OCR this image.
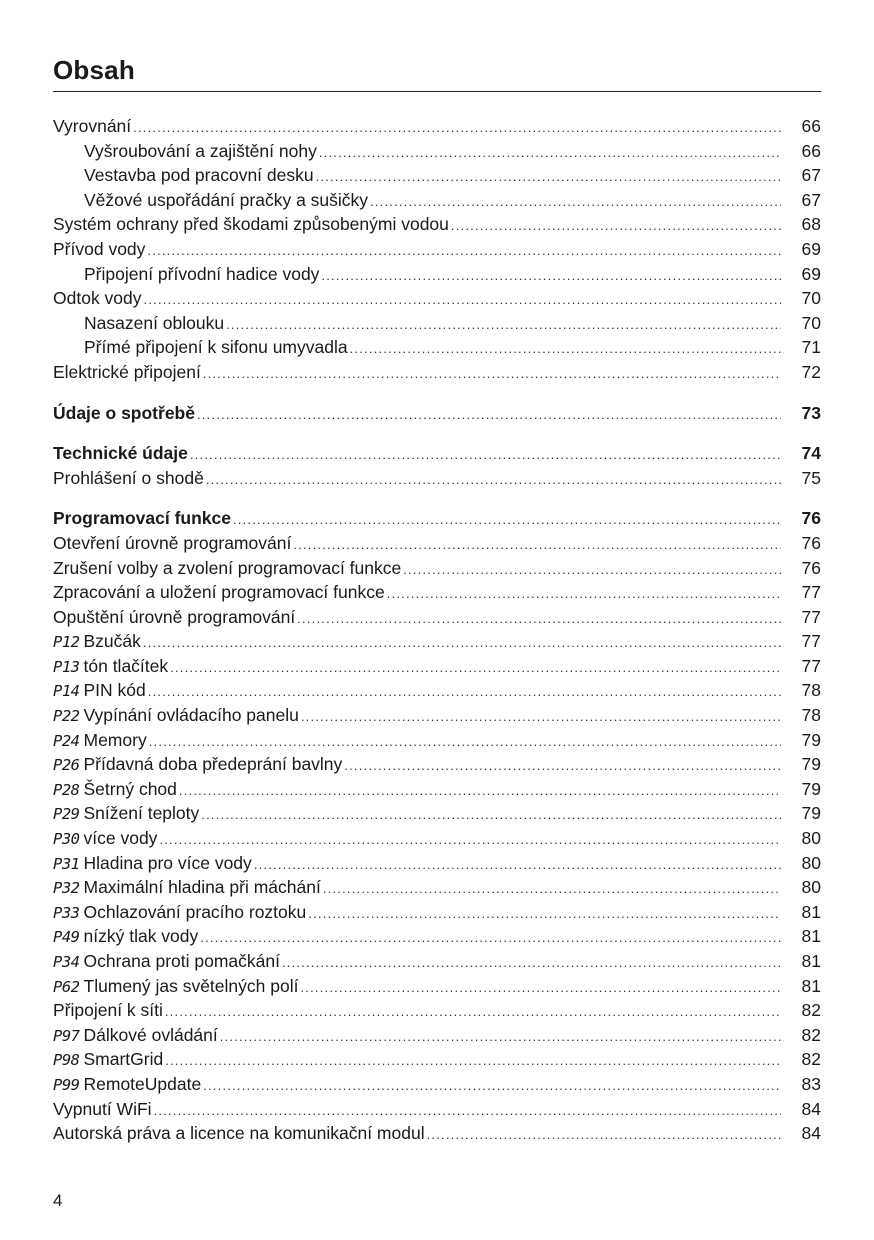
Obsah
Vyrovnání .....	66
Vyšroubování a zajištění nohy .....	66
Vestavba pod pracovní desku .....	67
Věžové uspořádání pračky a sušičky .....	67
Systém ochrany před škodami způsobenými vodou .....	68
Přívod vody .....	69
Připojení přívodní hadice vody .....	69
Odtok vody .....	70
Nasazení oblouku .....	70
Přímé připojení k sifonu umyvadla .....	71
Elektrické připojení .....	72
Údaje o spotřebě .....	73
Technické údaje .....	74
Prohlášení o shodě .....	75
Programovací funkce .....	76
Otevření úrovně programování .....	76
Zrušení volby a zvolení programovací funkce .....	76
Zpracování a uložení programovací funkce .....	77
Opuštění úrovně programování .....	77
P12 Bzučák .....	77
P13 tón tlačítek .....	77
P14 PIN kód .....	78
P22 Vypínání ovládacího panelu .....	78
P24 Memory .....	79
P26 Přídavná doba předeprání bavlny .....	79
P28 Šetrný chod .....	79
P29 Snížení teploty .....	79
P30 více vody .....	80
P31 Hladina pro více vody .....	80
P32 Maximální hladina při máchání .....	80
P33 Ochlazování pracího roztoku .....	81
P49 nízký tlak vody .....	81
P34 Ochrana proti pomačkání .....	81
P62 Tlumený jas světelných polí .....	81
Připojení k síti .....	82
P97 Dálkové ovládání .....	82
P98 SmartGrid .....	82
P99 RemoteUpdate .....	83
Vypnutí WiFi .....	84
Autorská práva a licence na komunikační modul .....	84
4
